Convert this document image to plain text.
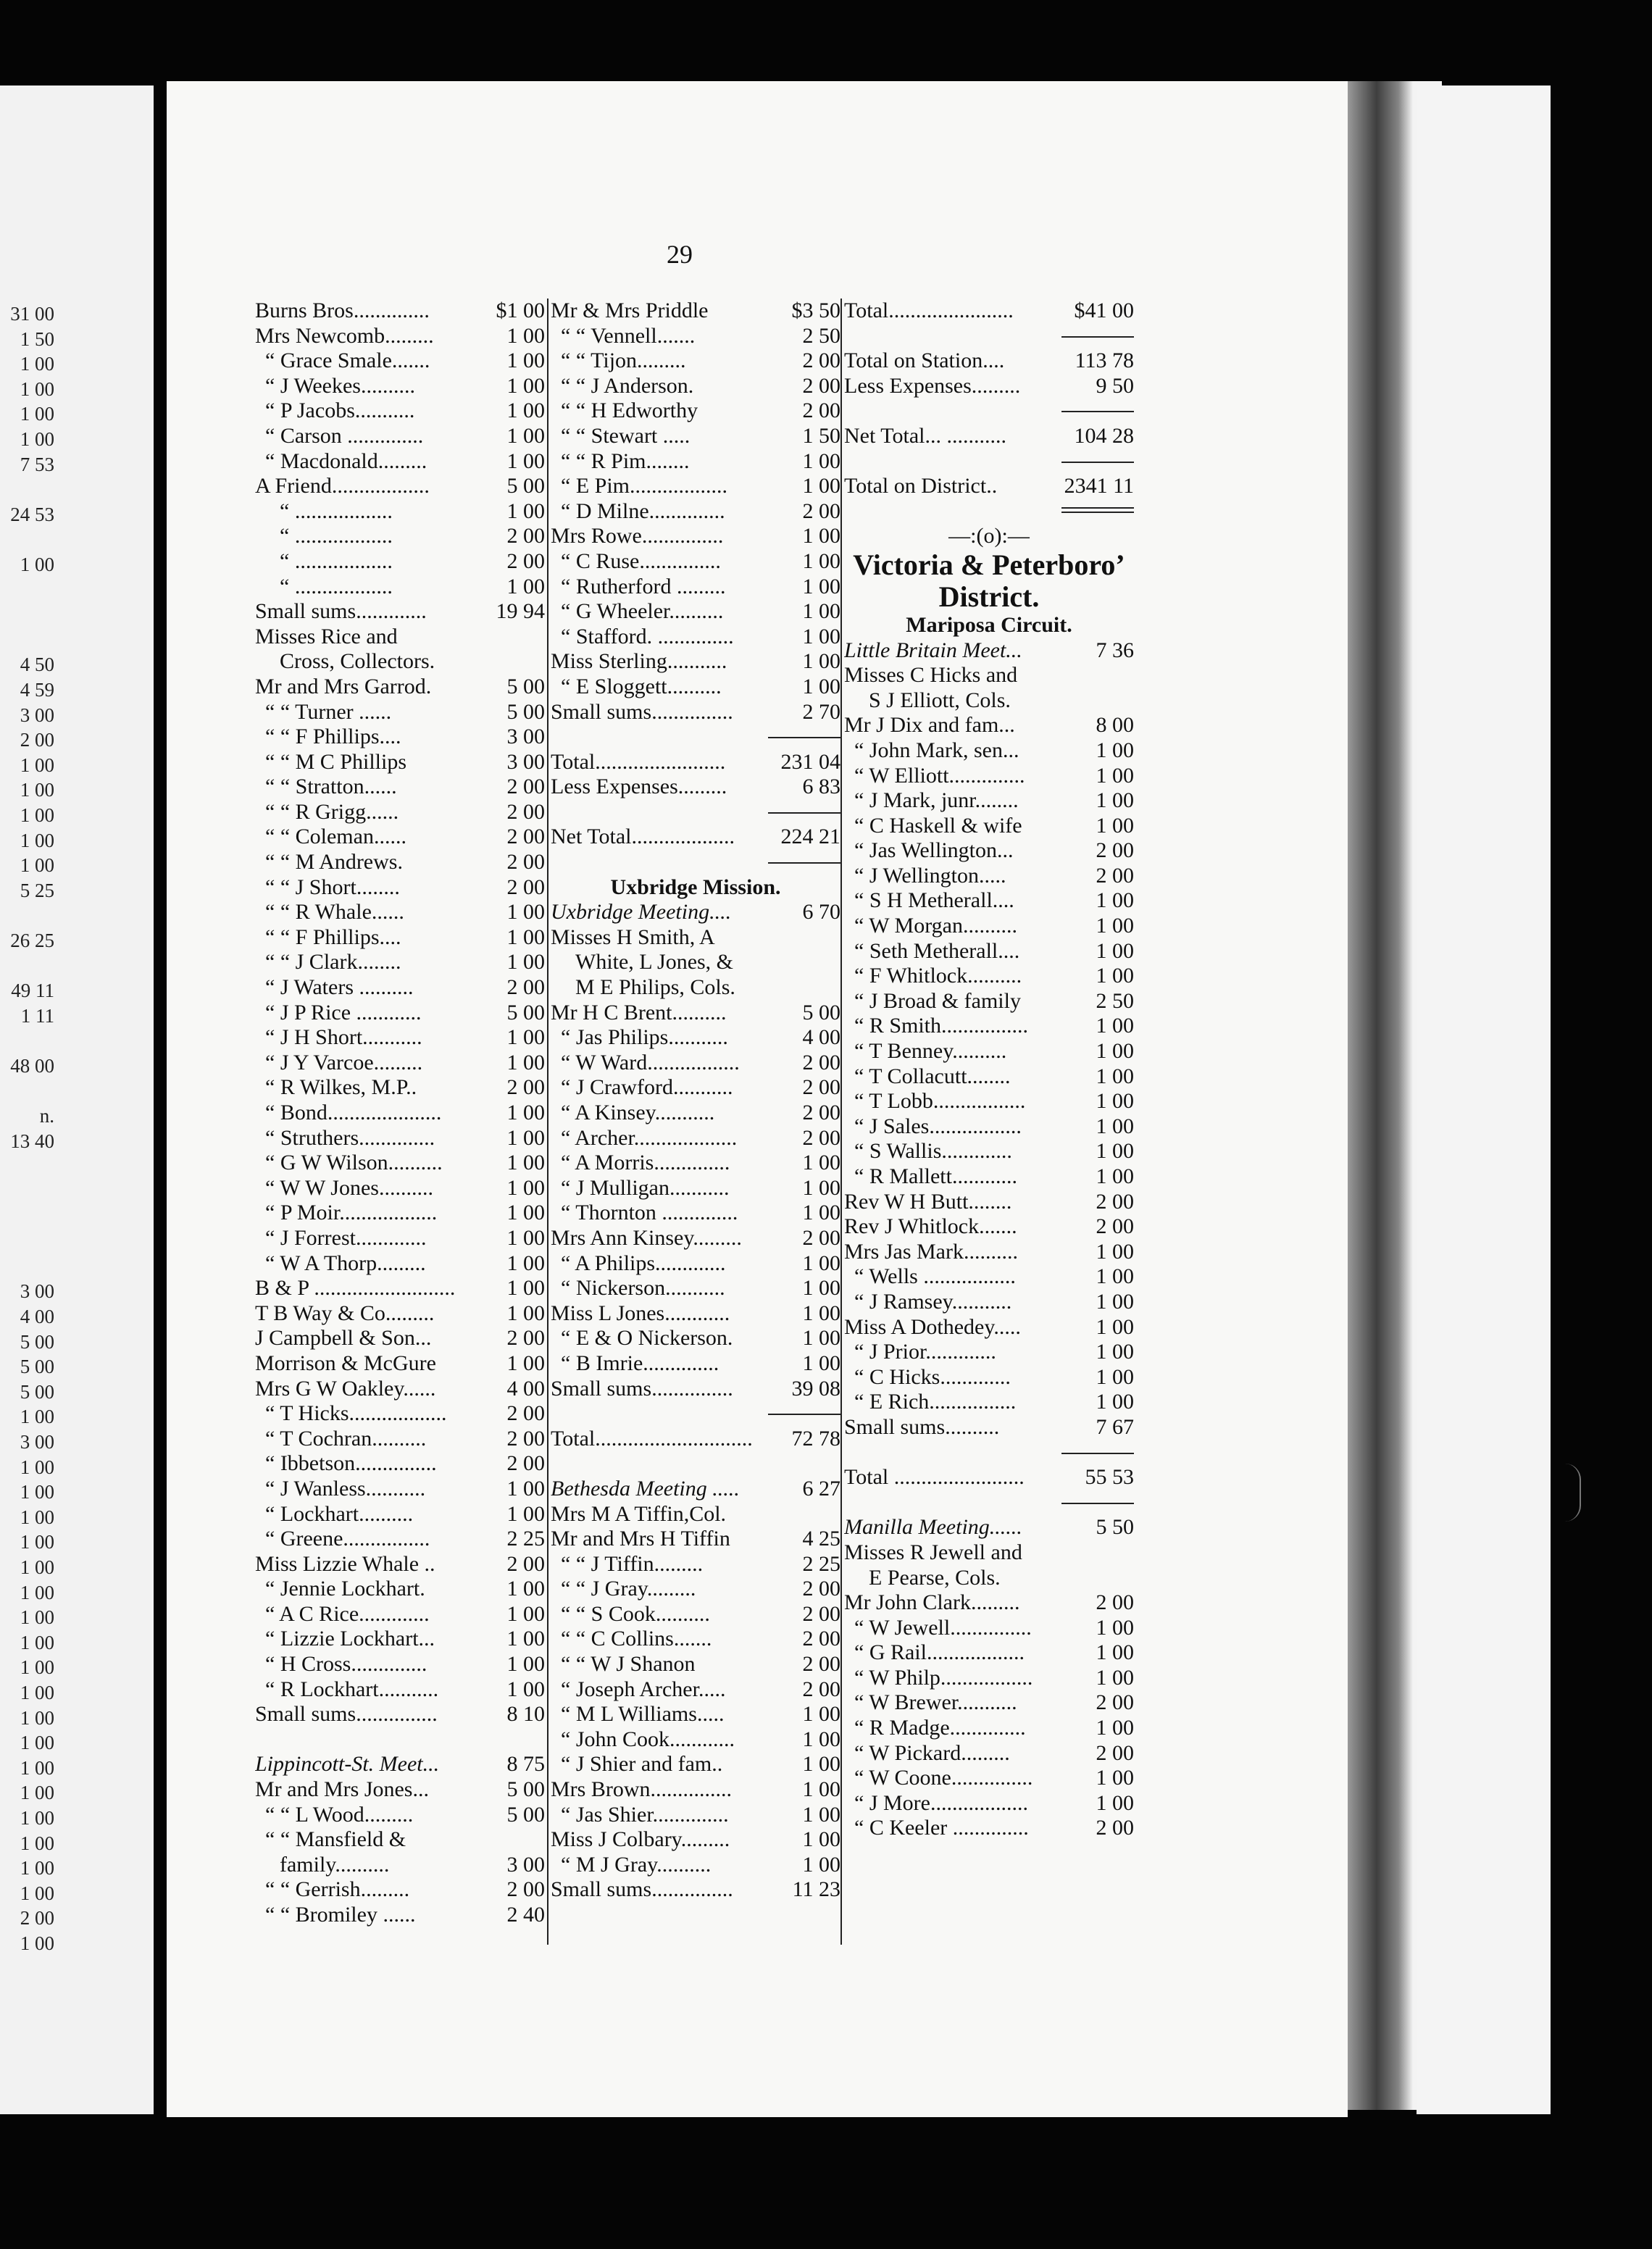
31 00
1 50
1 00
1 00
1 00
1 00
7 53
24 53
1 00
4 50
4 59
3 00
2 00
1 00
1 00
1 00
1 00
1 00
5 25
26 25
49 11
1 11
48 00
n.
13 40
3 00
4 00
5 00
5 00
5 00
1 00
3 00
1 00
1 00
1 00
1 00
1 00
1 00
1 00
1 00
1 00
1 00
1 00
1 00
1 00
1 00
1 00
1 00
1 00
1 00
2 00
1 00
29
Burns Bros..............	$1 00
Mrs Newcomb.........	1 00
“ Grace Smale.......	1 00
“ J Weekes..........	1 00
“ P Jacobs...........	1 00
“ Carson ..............	1 00
“ Macdonald.........	1 00
A Friend..................	5 00
“ ..................	1 00
“ ..................	2 00
“ ..................	2 00
“ ..................	1 00
Small sums.............	19 94
Misses Rice and
Cross, Collectors.
Mr and Mrs Garrod.	5 00
“ “ Turner ......	5 00
“ “ F Phillips....	3 00
“ “ M C Phillips	3 00
“ “ Stratton......	2 00
“ “ R Grigg......	2 00
“ “ Coleman......	2 00
“ “ M Andrews.	2 00
“ “ J Short........	2 00
“ “ R Whale......	1 00
“ “ F Phillips....	1 00
“ “ J Clark........	1 00
“ J Waters ..........	2 00
“ J P Rice ............	5 00
“ J H Short...........	1 00
“ J Y Varcoe.........	1 00
“ R Wilkes, M.P..	2 00
“ Bond.....................	1 00
“ Struthers..............	1 00
“ G W Wilson..........	1 00
“ W W Jones..........	1 00
“ P Moir..................	1 00
“ J Forrest.............	1 00
“ W A Thorp.........	1 00
B & P ..........................	1 00
T B Way & Co.........	1 00
J Campbell & Son...	2 00
Morrison & McGure	1 00
Mrs G W Oakley......	4 00
“ T Hicks..................	2 00
“ T Cochran..........	2 00
“ Ibbetson...............	2 00
“ J Wanless...........	1 00
“ Lockhart..........	1 00
“ Greene................	2 25
Miss Lizzie Whale ..	2 00
“ Jennie Lockhart.	1 00
“ A C Rice.............	1 00
“ Lizzie Lockhart...	1 00
“ H Cross..............	1 00
“ R Lockhart...........	1 00
Small sums...............	8 10
Lippincott-St. Meet...	8 75
Mr and Mrs Jones...	5 00
“ “ L Wood.........	5 00
“ “ Mansfield &
family..........	3 00
“ “ Gerrish.........	2 00
“ “ Bromiley ......	2 40
Mr & Mrs Priddle	$3 50
“ “ Vennell.......	2 50
“ “ Tijon.........	2 00
“ “ J Anderson.	2 00
“ “ H Edworthy	2 00
“ “ Stewart .....	1 50
“ “ R Pim........	1 00
“ E Pim..................	1 00
“ D Milne..............	2 00
Mrs Rowe...............	1 00
“ C Ruse...............	1 00
“ Rutherford .........	1 00
“ G Wheeler..........	1 00
“ Stafford. ..............	1 00
Miss Sterling...........	1 00
“ E Sloggett..........	1 00
Small sums...............	2 70
Total........................	231 04
Less Expenses.........	6 83
Net Total...................	224 21
Uxbridge Mission.
Uxbridge Meeting....	6 70
Misses H Smith, A
White, L Jones, &
M E Philips, Cols.
Mr H C Brent..........	5 00
“ Jas Philips...........	4 00
“ W Ward.................	2 00
“ J Crawford...........	2 00
“ A Kinsey...........	2 00
“ Archer...................	2 00
“ A Morris..............	1 00
“ J Mulligan...........	1 00
“ Thornton ..............	1 00
Mrs Ann Kinsey.........	2 00
“ A Philips.............	1 00
“ Nickerson...........	1 00
Miss L Jones............	1 00
“ E & O Nickerson.	1 00
“ B Imrie..............	1 00
Small sums...............	39 08
Total.............................	72 78
Bethesda Meeting .....	6 27
Mrs M A Tiffin,Col.
Mr and Mrs H Tiffin	4 25
“ “ J Tiffin.........	2 25
“ “ J Gray.........	2 00
“ “ S Cook..........	2 00
“ “ C Collins.......	2 00
“ “ W J Shanon	2 00
“ Joseph Archer.....	2 00
“ M L Williams.....	1 00
“ John Cook............	1 00
“ J Shier and fam..	1 00
Mrs Brown...............	1 00
“ Jas Shier..............	1 00
Miss J Colbary.........	1 00
“ M J Gray..........	1 00
Small sums...............	11 23
Total.......................	$41 00
Total on Station....	113 78
Less Expenses.........	9 50
Net Total... ...........	104 28
Total on District..	2341 11
—:(o):—
Victoria & Peterboro’
District.
Mariposa Circuit.
Little Britain Meet...	7 36
Misses C Hicks and
S J Elliott, Cols.
Mr J Dix and fam...	8 00
“ John Mark, sen...	1 00
“ W Elliott..............	1 00
“ J Mark, junr........	1 00
“ C Haskell & wife	1 00
“ Jas Wellington...	2 00
“ J Wellington.....	2 00
“ S H Metherall....	1 00
“ W Morgan..........	1 00
“ Seth Metherall....	1 00
“ F Whitlock..........	1 00
“ J Broad & family	2 50
“ R Smith................	1 00
“ T Benney..........	1 00
“ T Collacutt........	1 00
“ T Lobb.................	1 00
“ J Sales.................	1 00
“ S Wallis.............	1 00
“ R Mallett............	1 00
Rev W H Butt........	2 00
Rev J Whitlock.......	2 00
Mrs Jas Mark..........	1 00
“ Wells .................	1 00
“ J Ramsey...........	1 00
Miss A Dothedey.....	1 00
“ J Prior.............	1 00
“ C Hicks.............	1 00
“ E Rich................	1 00
Small sums..........	7 67
Total ........................	55 53
Manilla Meeting......	5 50
Misses R Jewell and
E Pearse, Cols.
Mr John Clark.........	2 00
“ W Jewell...............	1 00
“ G Rail..................	1 00
“ W Philp.................	1 00
“ W Brewer...........	2 00
“ R Madge..............	1 00
“ W Pickard.........	2 00
“ W Coone...............	1 00
“ J More..................	1 00
“ C Keeler ..............	2 00
